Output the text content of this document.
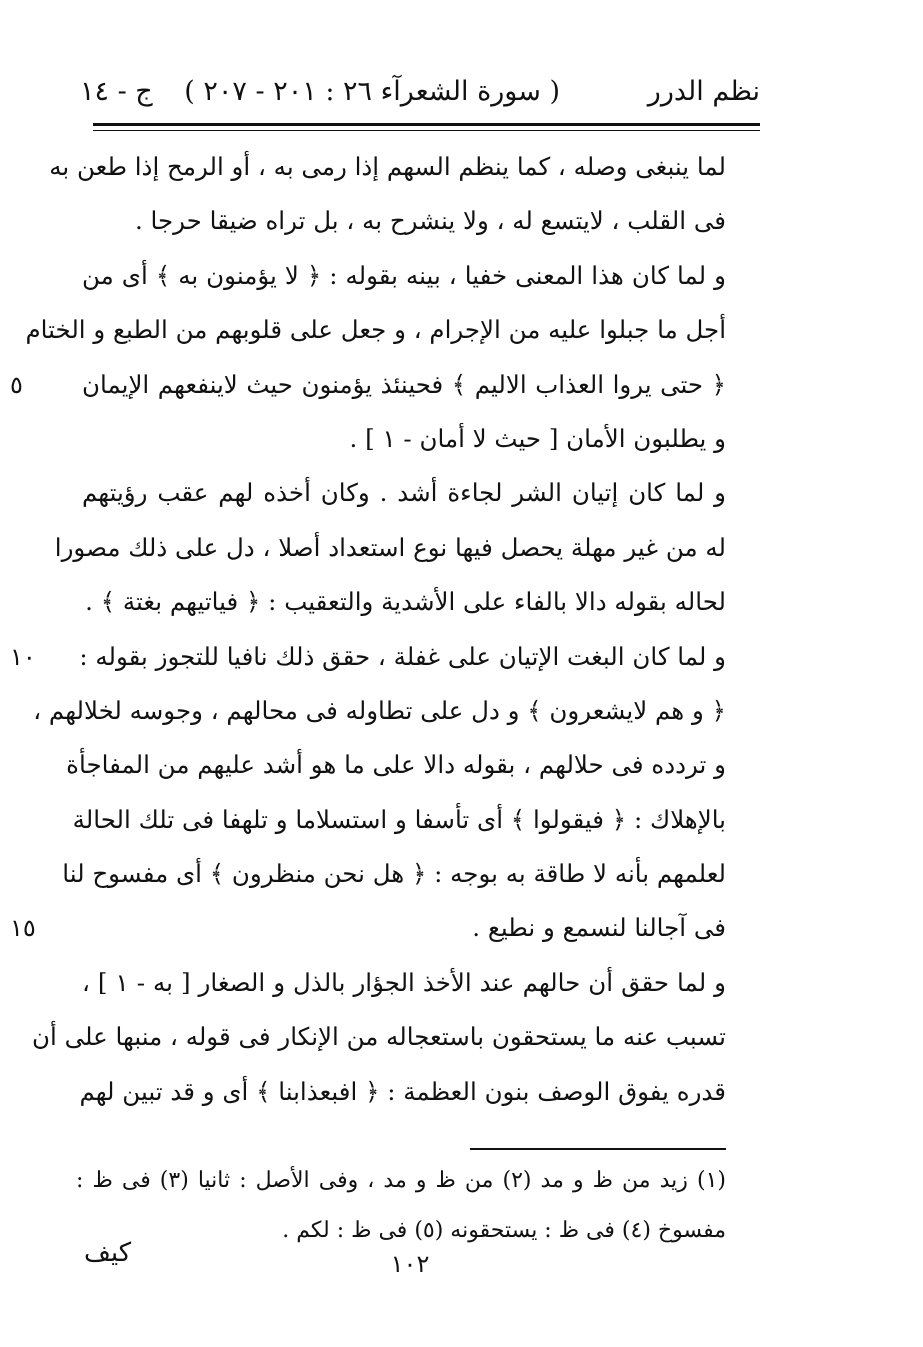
نظم الدرر
( سورة الشعرآء ٢٦ : ٢٠١ - ٢٠٧ )
ج - ١٤
لما ينبغى وصله ، كما ينظم السهم إذا رمى به ، أو الرمح إذا طعن به
فى القلب ، لايتسع له ، ولا ينشرح به ، بل تراه ضيقا حرجا .
و لما كان هذا المعنى خفيا ، بينه بقوله : ﴿ لا يؤمنون به ﴾ أى من
أجل ما جبلوا عليه من الإجرام ، و جعل على قلوبهم من الطبع و الختام
﴿ حتى يروا العذاب الاليم ﴾ فحينئذ يؤمنون حيث لاينفعهم الإيمان
٥
و يطلبون الأمان [ حيث لا أمان - ١ ] .
و لما كان إتيان الشر لجاءة أشد . وكان أخذه لهم عقب رؤيتهم
له من غير مهلة يحصل فيها نوع استعداد أصلا ، دل على ذلك مصورا
لحاله بقوله دالا بالفاء على الأشدية والتعقيب : ﴿ فياتيهم بغتة ﴾ .
و لما كان البغت الإتيان على غفلة ، حقق ذلك نافيا للتجوز بقوله :
١٠
﴿ و هم لايشعرون ﴾ و دل على تطاوله فى محالهم ، وجوسه لخلالهم ،
و تردده فى حلالهم ، بقوله دالا على ما هو أشد عليهم من المفاجأة
بالإهلاك : ﴿ فيقولوا ﴾ أى تأسفا و استسلاما و تلهفا فى تلك الحالة
لعلمهم بأنه لا طاقة به بوجه : ﴿ هل نحن منظرون ﴾ أى مفسوح لنا
فى آجالنا لنسمع و نطيع .
١٥
و لما حقق أن حالهم عند الأخذ الجؤار بالذل و الصغار [ به - ١ ] ،
تسبب عنه ما يستحقون باستعجاله من الإنكار فى قوله ، منبها على أن
قدره يفوق الوصف بنون العظمة : ﴿ افبعذابنا ﴾ أى و قد تبين لهم
(١) زيد من ظ و مد (٢) من ظ و مد ، وفى الأصل : ثانيا (٣) فى ظ :
مفسوخ (٤) فى ظ : يستحقونه (٥) فى ظ : لكم .
١٠٢
كيف
